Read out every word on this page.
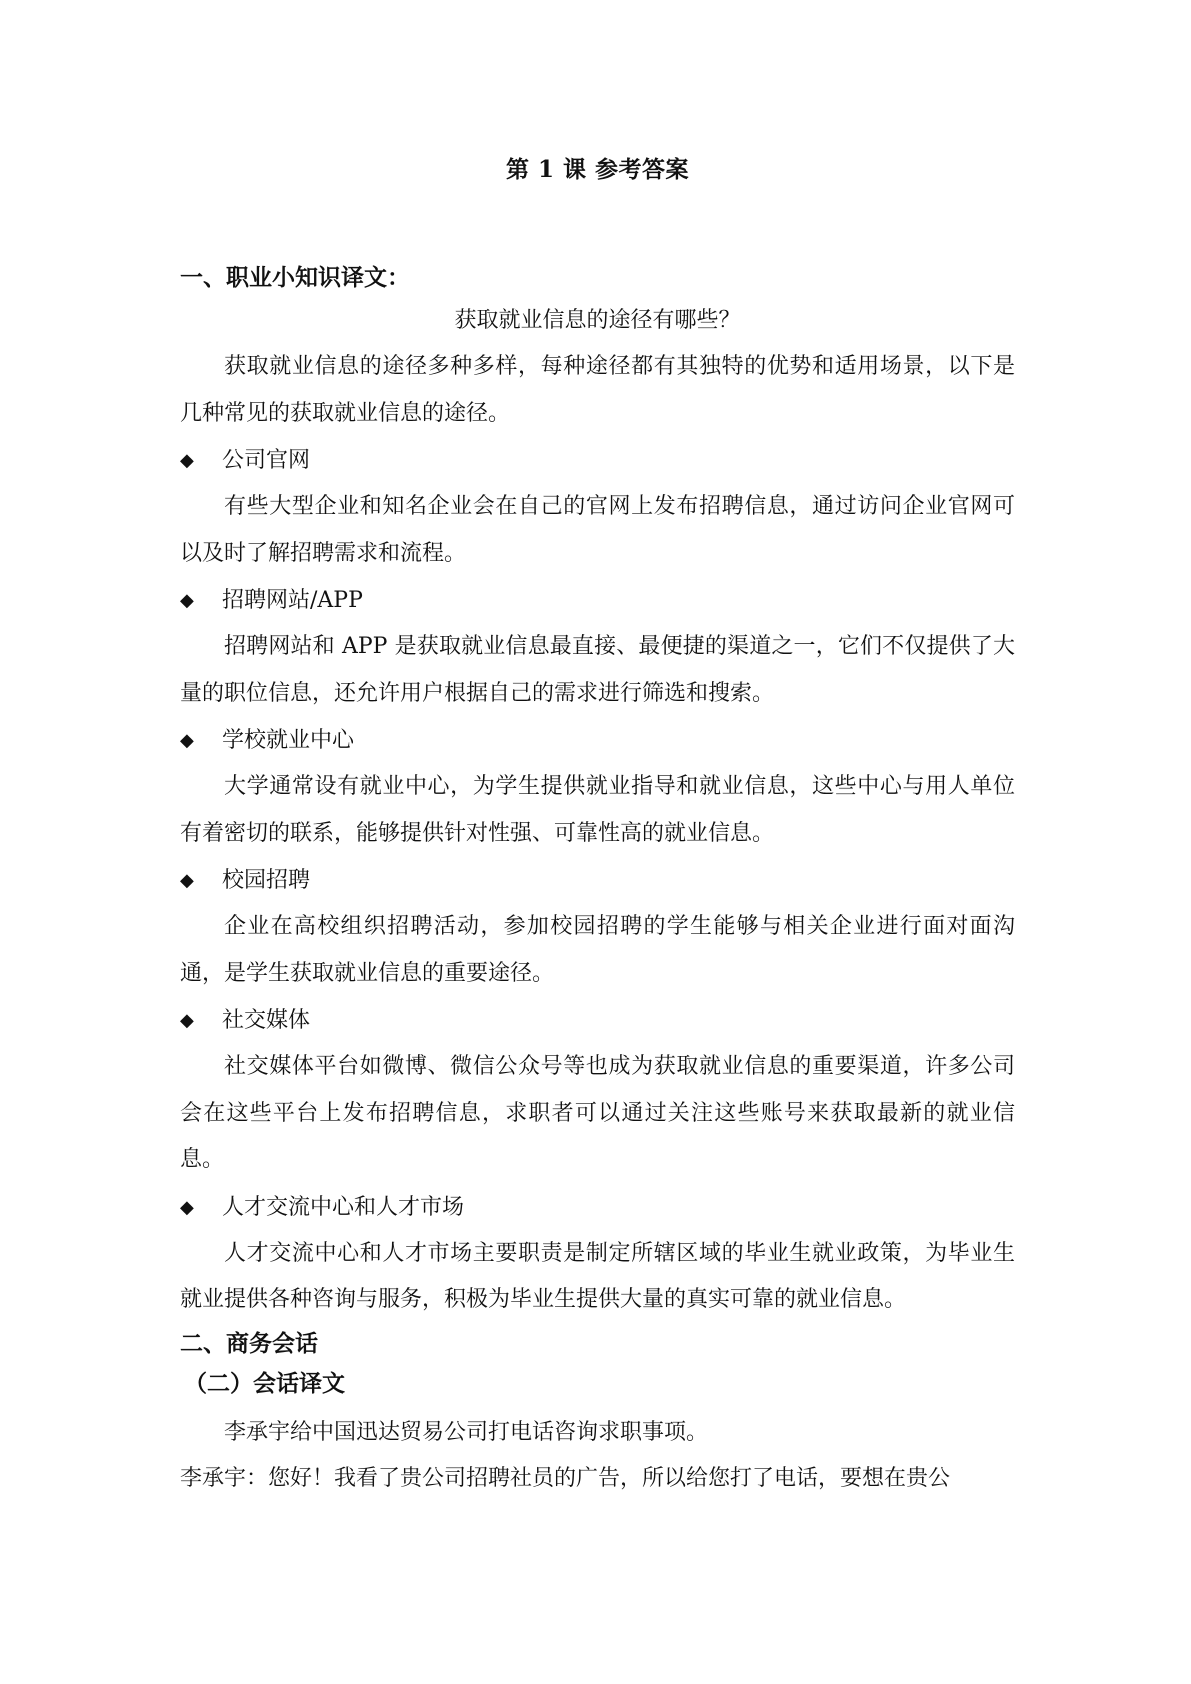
第 1 课 参考答案
一、职业小知识译文：
获取就业信息的途径有哪些？

获取就业信息的途径多种多样，每种途径都有其独特的优势和适用场景，以下是几种常见的获取就业信息的途径。

◆	公司官网

有些大型企业和知名企业会在自己的官网上发布招聘信息，通过访问企业官网可以及时了解招聘需求和流程。

◆	招聘网站/APP

招聘网站和 APP 是获取就业信息最直接、最便捷的渠道之一，它们不仅提供了大量的职位信息，还允许用户根据自己的需求进行筛选和搜索。

◆	学校就业中心

大学通常设有就业中心，为学生提供就业指导和就业信息，这些中心与用人单位有着密切的联系，能够提供针对性强、可靠性高的就业信息。

◆	校园招聘

企业在高校组织招聘活动，参加校园招聘的学生能够与相关企业进行面对面沟通，是学生获取就业信息的重要途径。

◆	社交媒体

社交媒体平台如微博、微信公众号等也成为获取就业信息的重要渠道，许多公司会在这些平台上发布招聘信息，求职者可以通过关注这些账号来获取最新的就业信息。

◆	人才交流中心和人才市场

人才交流中心和人才市场主要职责是制定所辖区域的毕业生就业政策，为毕业生就业提供各种咨询与服务，积极为毕业生提供大量的真实可靠的就业信息。

二、商务会话
（二）会话译文

李承宇给中国迅达贸易公司打电话咨询求职事项。

李承宇：您好！我看了贵公司招聘社员的广告，所以给您打了电话，要想在贵公
